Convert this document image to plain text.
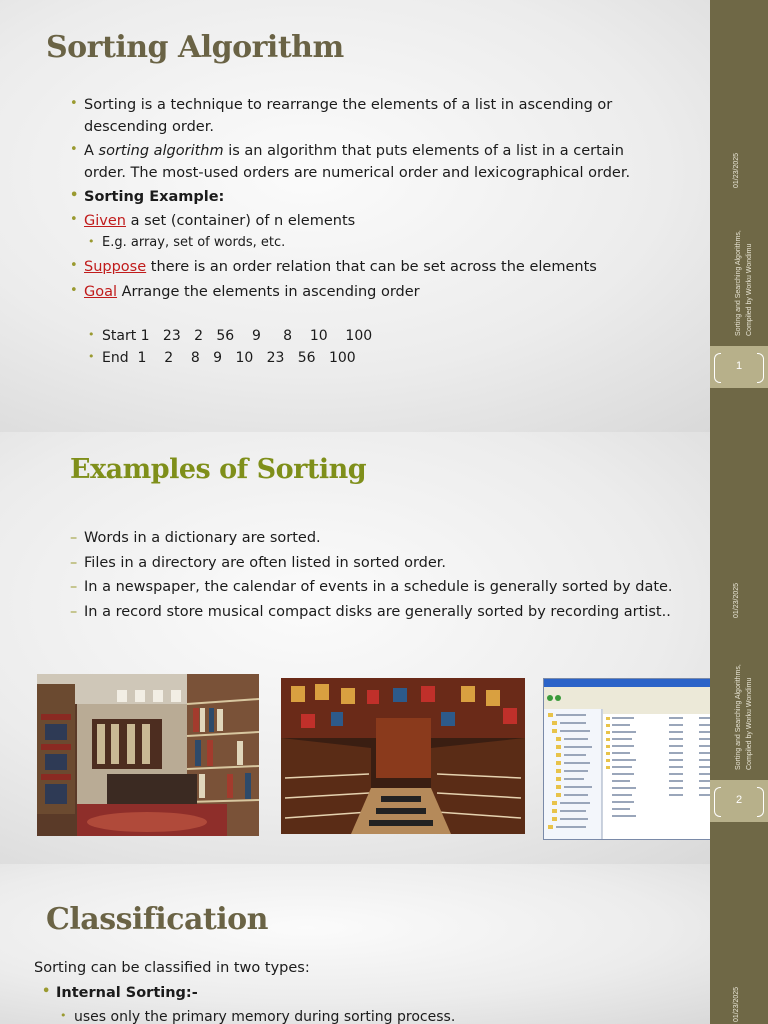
Sorting Algorithm
• Sorting is a technique to rearrange the elements of a list in ascending or descending order.
• A sorting algorithm is an algorithm that puts elements of a list in a certain order. The most-used orders are numerical order and lexicographical order.
• Sorting Example:
• Given a set (container) of n elements
• E.g. array, set of words, etc.
• Suppose there is an order relation that can be set across the elements
• Goal Arrange the elements in ascending order
• Start 1   23   2   56    9     8    10    100
• End  1    2    8   9   10   23   56   100
01/23/2025
Sorting and Searching Algorithms, Compiled by Worku Wondimu
1
Examples of Sorting
– Words in a dictionary are sorted.
– Files in a directory are often listed in sorted order.
– In a newspaper, the calendar of events in a schedule is generally sorted by date.
– In a record store musical compact disks are generally sorted by recording artist..	01/23/2025
Sorting and Searching Algorithms, Compiled by Worku Wondimu
2
Classification

Sorting can be classified in two types:

• Internal Sorting:-
• uses only the primary memory during sorting process.	01/23/2025
